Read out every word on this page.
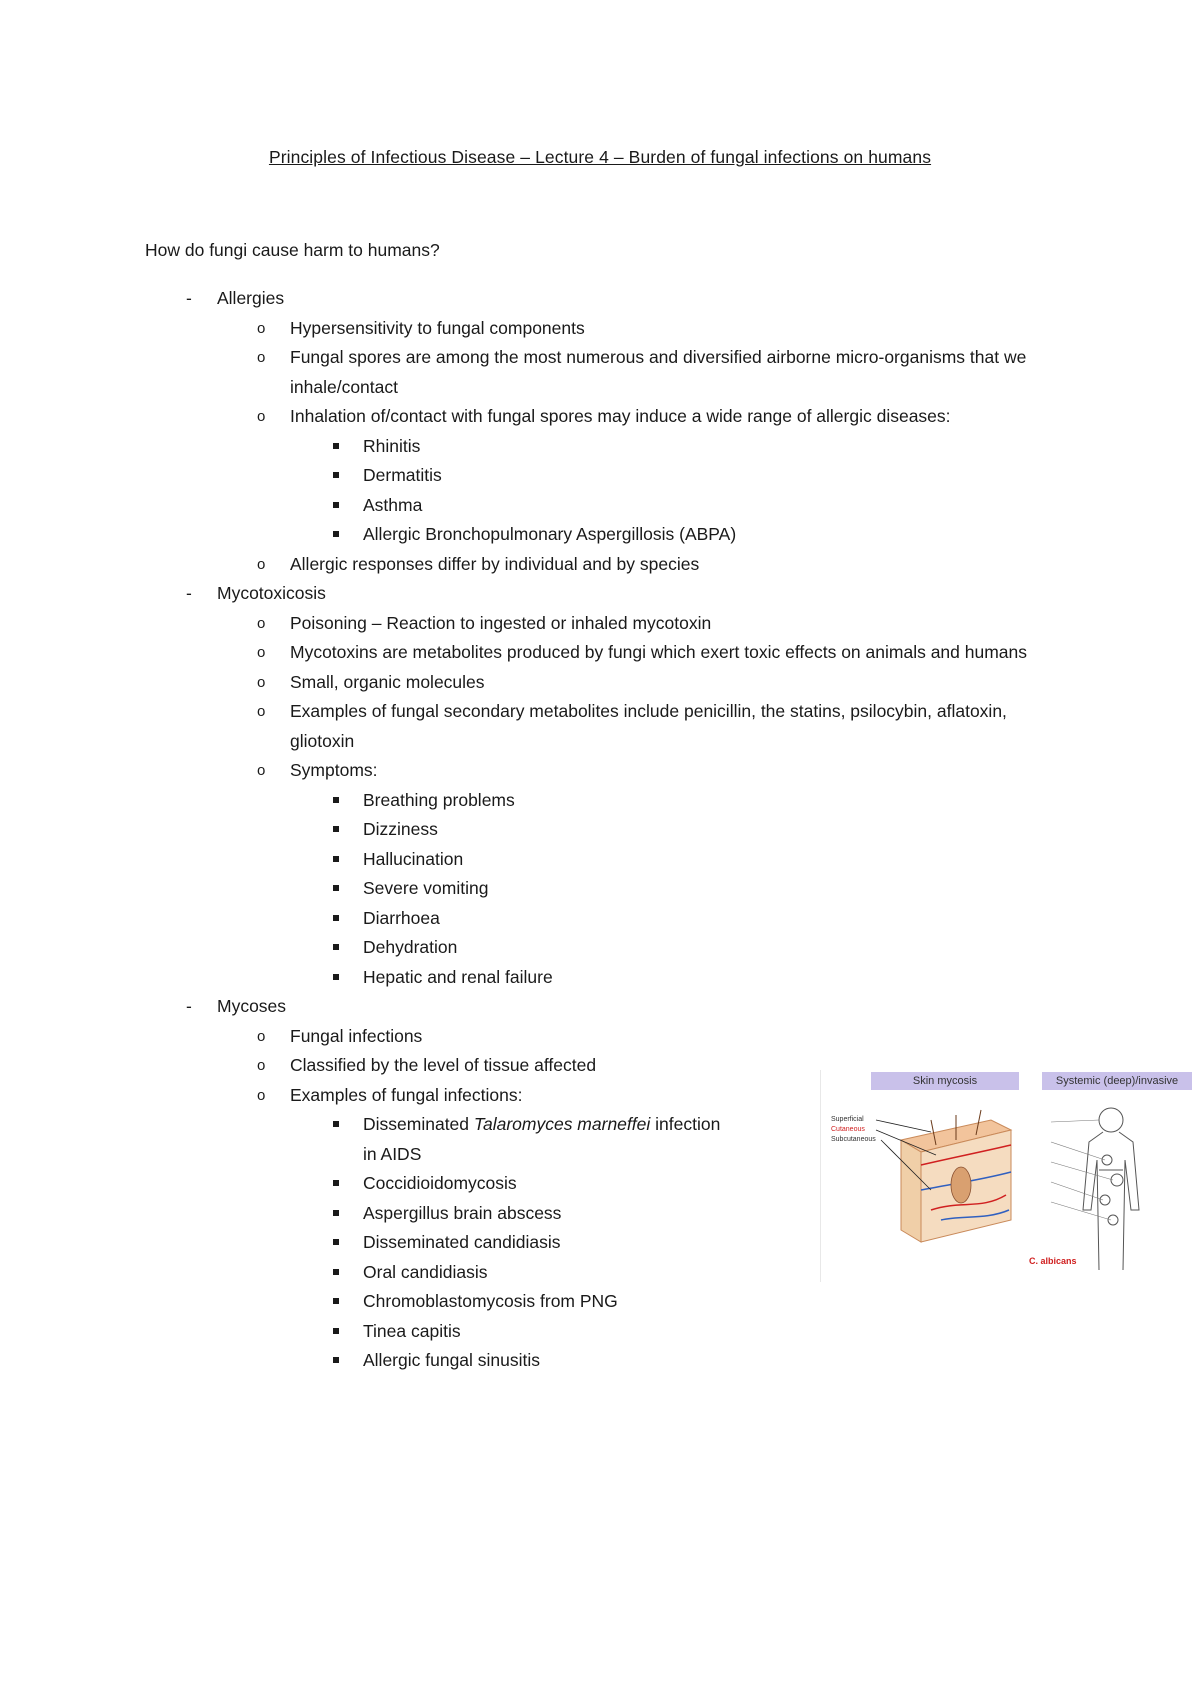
Principles of Infectious Disease – Lecture 4 – Burden of fungal infections on humans
How do fungi cause harm to humans?
- Allergies
o Hypersensitivity to fungal components
o Fungal spores are among the most numerous and diversified airborne micro-organisms that we inhale/contact
o Inhalation of/contact with fungal spores may induce a wide range of allergic diseases:
Rhinitis
Dermatitis
Asthma
Allergic Bronchopulmonary Aspergillosis (ABPA)
o Allergic responses differ by individual and by species
- Mycotoxicosis
o Poisoning – Reaction to ingested or inhaled mycotoxin
o Mycotoxins are metabolites produced by fungi which exert toxic effects on animals and humans
o Small, organic molecules
o Examples of fungal secondary metabolites include penicillin, the statins, psilocybin, aflatoxin, gliotoxin
o Symptoms:
Breathing problems
Dizziness
Hallucination
Severe vomiting
Diarrhoea
Dehydration
Hepatic and renal failure
- Mycoses
o Fungal infections
o Classified by the level of tissue affected
o Examples of fungal infections:
Disseminated Talaromyces marneffei infection in AIDS
Coccidioidomycosis
Aspergillus brain abscess
Disseminated candidiasis
Oral candidiasis
Chromoblastomycosis from PNG
Tinea capitis
Allergic fungal sinusitis
Skin mycosis	Systemic (deep)/invasive
Superficial
Cutaneous
Subcutaneous
C. albicans
